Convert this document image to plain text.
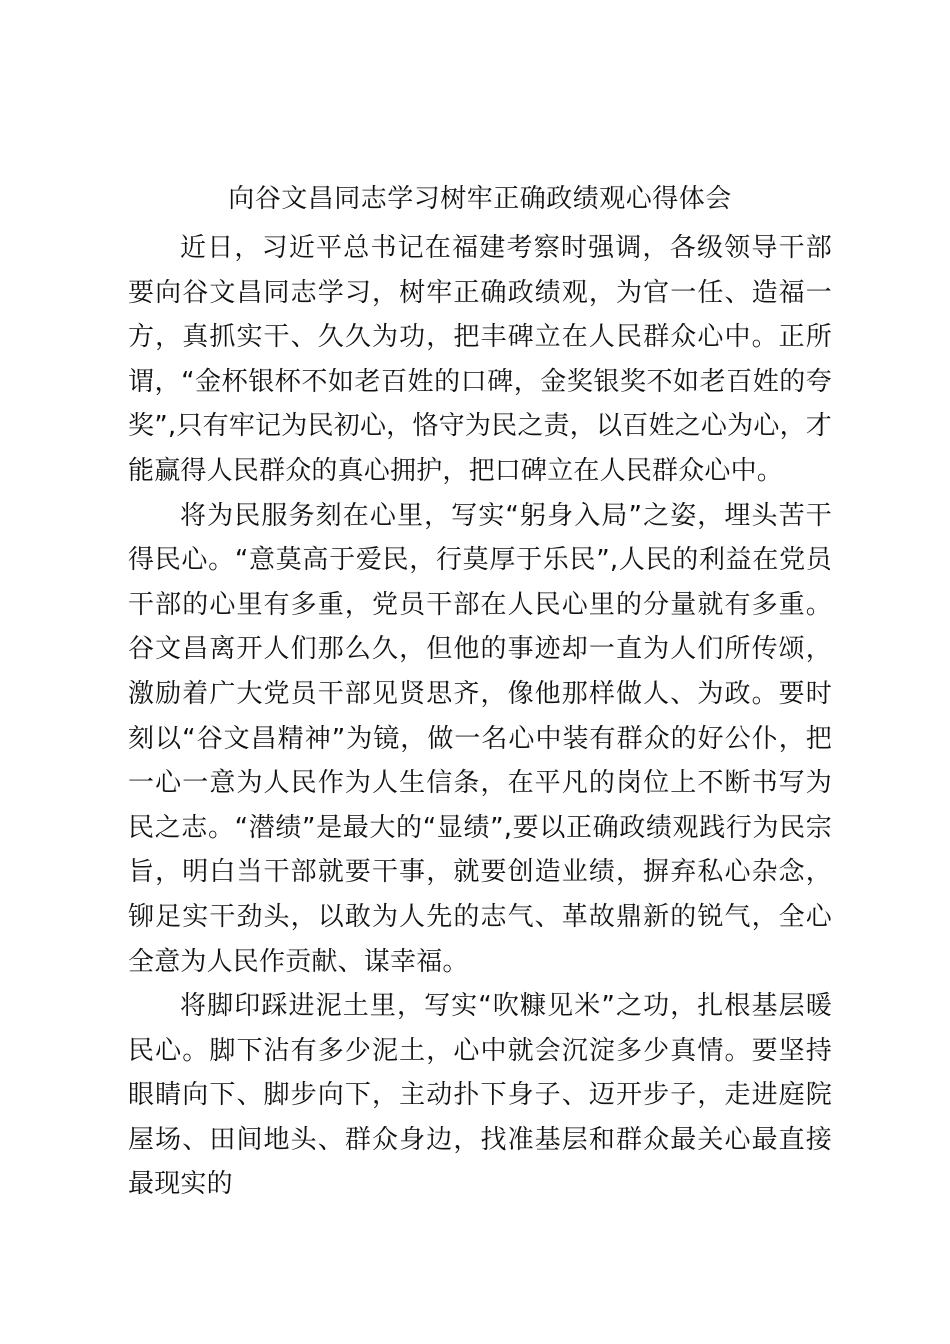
向谷文昌同志学习树牢正确政绩观心得体会

近日，习近平总书记在福建考察时强调，各级领导干部要向谷文昌同志学习，树牢正确政绩观，为官一任、造福一方，真抓实干、久久为功，把丰碑立在人民群众心中。正所谓，“金杯银杯不如老百姓的口碑，金奖银奖不如老百姓的夸奖”,只有牢记为民初心，恪守为民之责，以百姓之心为心，才能赢得人民群众的真心拥护，把口碑立在人民群众心中。

将为民服务刻在心里，写实“躬身入局”之姿，埋头苦干得民心。“意莫高于爱民，行莫厚于乐民”,人民的利益在党员干部的心里有多重，党员干部在人民心里的分量就有多重。谷文昌离开人们那么久，但他的事迹却一直为人们所传颂，激励着广大党员干部见贤思齐，像他那样做人、为政。要时刻以“谷文昌精神”为镜，做一名心中装有群众的好公仆，把一心一意为人民作为人生信条，在平凡的岗位上不断书写为民之志。“潜绩”是最大的“显绩”,要以正确政绩观践行为民宗旨，明白当干部就要干事，就要创造业绩，摒弃私心杂念，铆足实干劲头，以敢为人先的志气、革故鼎新的锐气，全心全意为人民作贡献、谋幸福。

将脚印踩进泥土里，写实“吹糠见米”之功，扎根基层暖民心。脚下沾有多少泥土，心中就会沉淀多少真情。要坚持眼睛向下、脚步向下，主动扑下身子、迈开步子，走进庭院屋场、田间地头、群众身边，找准基层和群众最关心最直接最现实的
